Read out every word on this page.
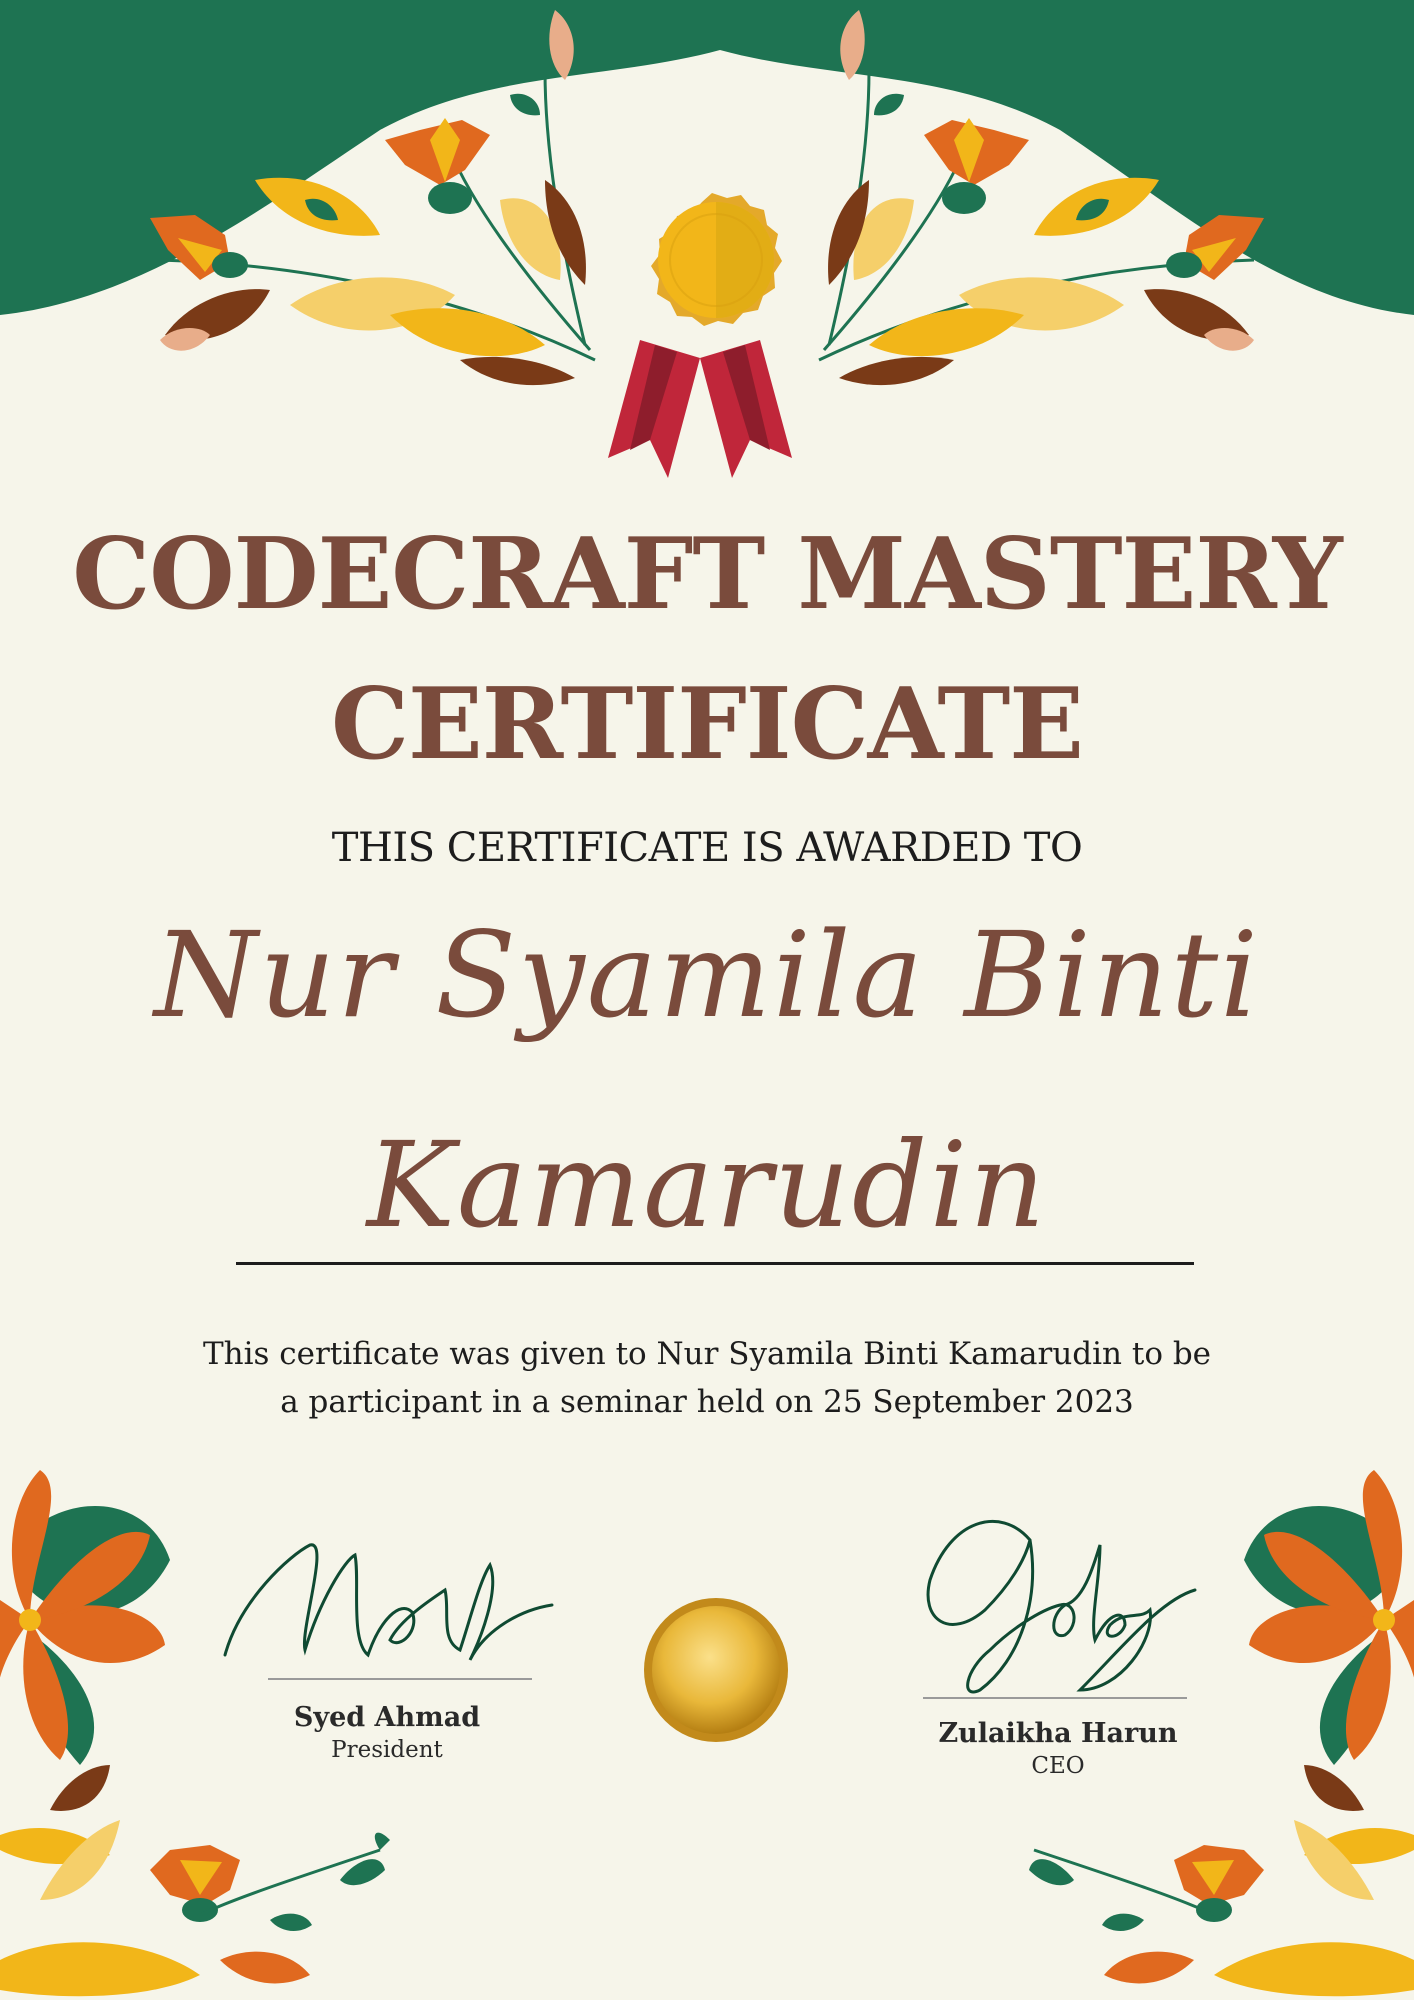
CODECRAFT MASTERY
CERTIFICATE
THIS CERTIFICATE IS AWARDED TO
Nur Syamila Binti
Kamarudin

This certificate was given to Nur Syamila Binti Kamarudin to be a participant in a seminar held on 25 September 2023

Syed Ahmad
President
Zulaikha Harun
CEO
